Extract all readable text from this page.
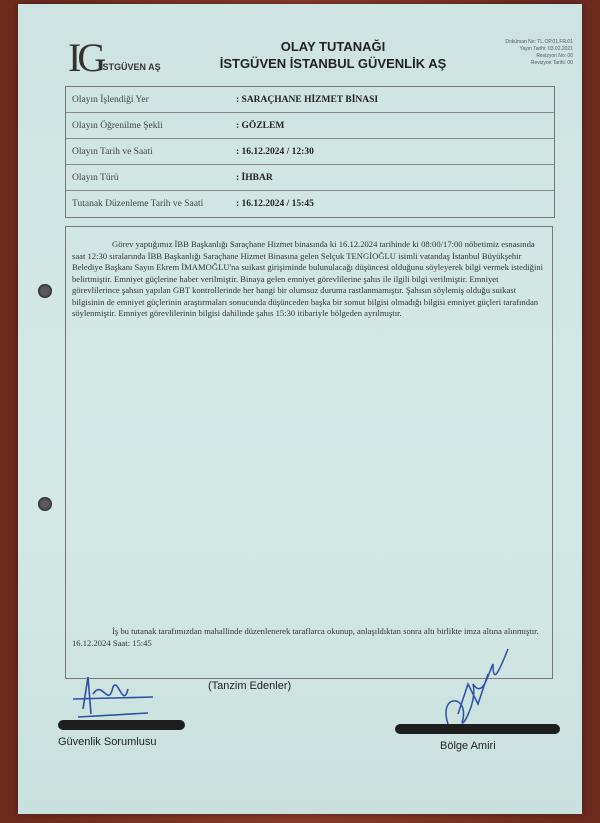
IG
İSTGÜVEN AŞ
OLAY TUTANAĞI
İSTGÜVEN İSTANBUL GÜVENLİK AŞ
Doküman No: TL.OP.01.FR.01
Yayın Tarihi: 03.02.2021
Revizyon No: 00
Revizyon Tarihi: 00
Olayın İşlendiği Yer	: SARAÇHANE HİZMET BİNASI
Olayın Öğrenilme Şekli	: GÖZLEM
Olayın Tarih ve Saati	: 16.12.2024 / 12:30
Olayın Türü	: İHBAR
Tutanak Düzenleme Tarih ve Saati	: 16.12.2024 / 15:45

Görev yaptığımız İBB Başkanlığı Saraçhane Hizmet binasında ki 16.12.2024 tarihinde ki 08:00/17:00 nöbetimiz esnasında saat 12:30 sıralarında İBB Başkanlığı Saraçhane Hizmet Binasına gelen Selçuk TENGİOĞLU isimli vatandaş İstanbul Büyükşehir Belediye Başkanı Sayın Ekrem İMAMOĞLU'na suikast girişiminde bulunulacağı düşüncesi olduğunu söyleyerek bilgi vermek istediğini belirtmiştir. Emniyet güçlerine haber verilmiştir. Binaya gelen emniyet görevlilerine şahıs ile ilgili bilgi verilmiştir. Emniyet görevlilerince şahsın yapılan GBT kontrollerinde her hangi bir olumsuz duruma rastlanmamıştır. Şahısın söylemiş olduğu suikast bilgisinin de emniyet güçlerinin araştırmaları sonucunda düşünceden başka bir somut bilgisi olmadığı bilgisi emniyet güçleri tarafından söylenmiştir. Emniyet görevlilerinin bilgisi dahilinde şahıs 15:30 itibariyle bölgeden ayrılmıştır.

İş bu tutanak tarafımızdan mahallinde düzenlenerek taraflarca okunup, anlaşıldıktan sonra altı birlikte imza altına alınmıştır. 16.12.2024 Saat: 15:45

(Tanzim Edenler)
Güvenlik Sorumlusu	Bölge Amiri
